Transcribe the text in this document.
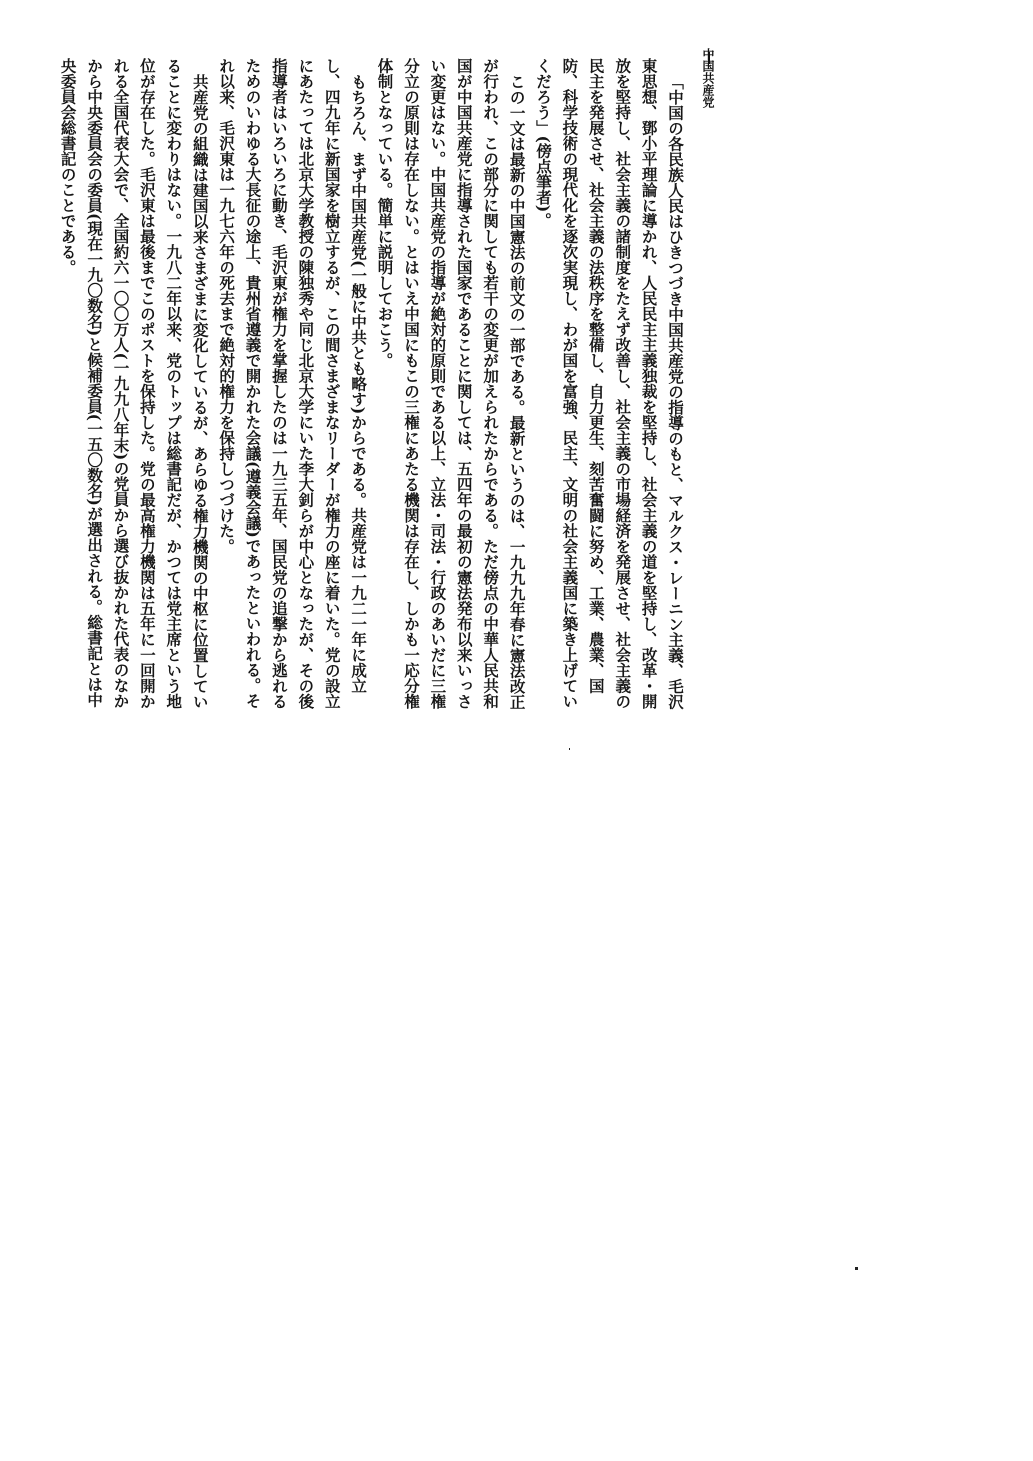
中国共産党

「中国の各民族人民はひきつづき中国共産党の指導のもと、マルクス・レーニン主義、毛沢東思想、鄧小平理論に導かれ、人民民主主義独裁を堅持し、社会主義の道を堅持し、改革・開放を堅持し、社会主義の諸制度をたえず改善し、社会主義の市場経済を発展させ、社会主義の民主を発展させ、社会主義の法秩序を整備し、自力更生、刻苦奮闘に努め、工業、農業、国防、科学技術の現代化を逐次実現し、わが国を富強、民主、文明の社会主義国に築き上げていくだろう」(傍点筆者)。

この一文は最新の中国憲法の前文の一部である。最新というのは、一九九九年春に憲法改正が行われ、この部分に関しても若干の変更が加えられたからである。ただ傍点の中華人民共和国が中国共産党に指導された国家であることに関しては、五四年の最初の憲法発布以来いっさい変更はない。中国共産党の指導が絶対的原則である以上、立法・司法・行政のあいだに三権分立の原則は存在しない。とはいえ中国にもこの三権にあたる機関は存在し、しかも一応分権体制となっている。簡単に説明しておこう。

もちろん、まず中国共産党(一般に中共とも略す)からである。共産党は一九二一年に成立し、四九年に新国家を樹立するが、この間さまざまなリーダーが権力の座に着いた。党の設立にあたっては北京大学教授の陳独秀や同じ北京大学にいた李大釗らが中心となったが、その後指導者はいろいろに動き、毛沢東が権力を掌握したのは一九三五年、国民党の追撃から逃れるためのいわゆる大長征の途上、貴州省遵義で開かれた会議(遵義会議)であったといわれる。それ以来、毛沢東は一九七六年の死去まで絶対的権力を保持しつづけた。

共産党の組織は建国以来さまざまに変化しているが、あらゆる権力機関の中枢に位置していることに変わりはない。一九八二年以来、党のトップは総書記だが、かつては党主席という地位が存在した。毛沢東は最後までこのポストを保持した。党の最高権力機関は五年に一回開かれる全国代表大会で、全国約六一〇〇万人(一九九八年末)の党員から選び抜かれた代表のなかから中央委員会の委員(現在一九〇数名)と候補委員(一五〇数名)が選出される。総書記とは中央委員会総書記のことである。
